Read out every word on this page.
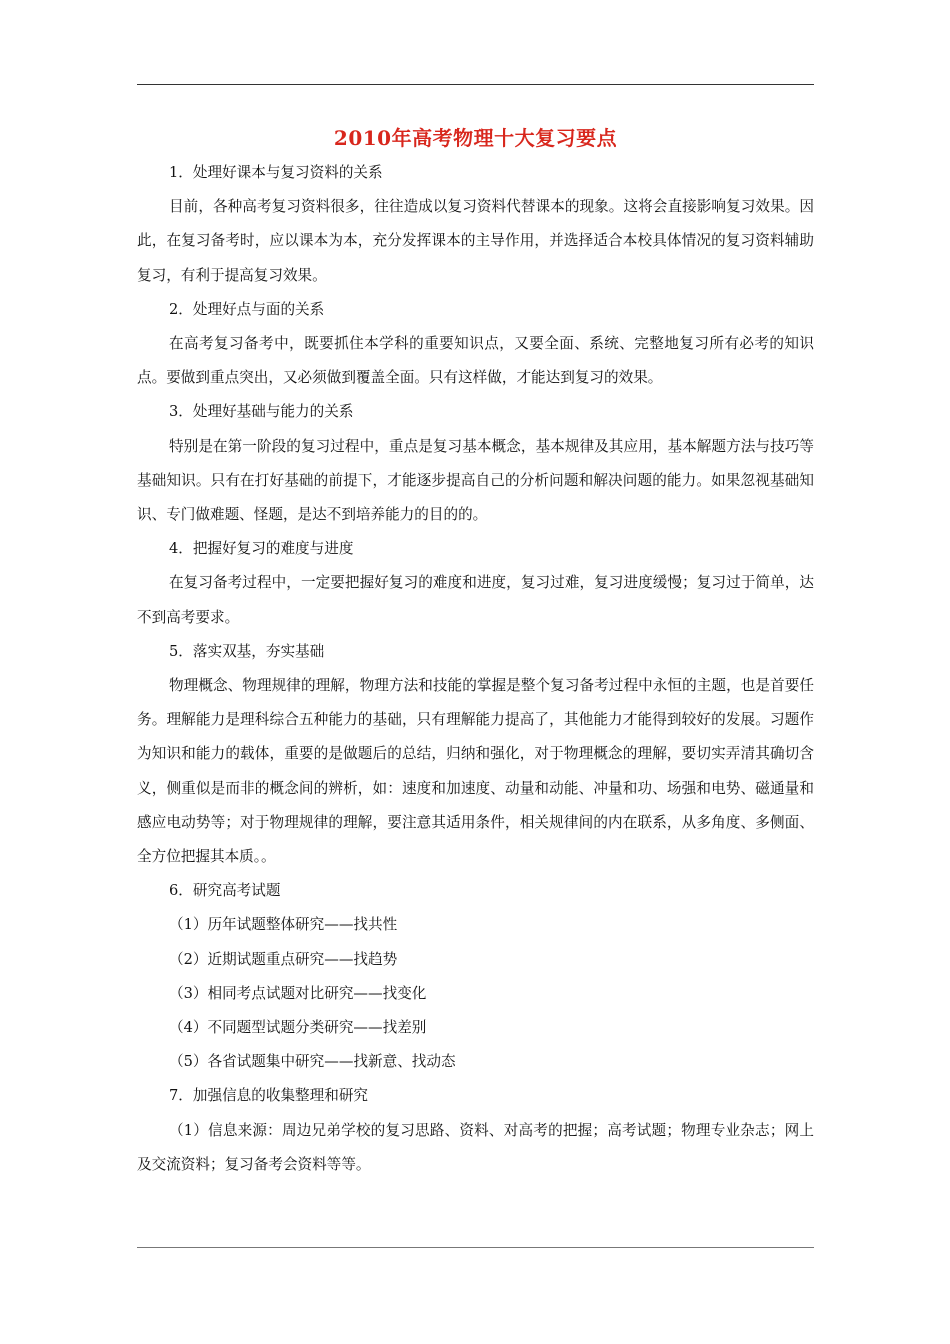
2010年高考物理十大复习要点

1．处理好课本与复习资料的关系

目前，各种高考复习资料很多，往往造成以复习资料代替课本的现象。这将会直接影响复习效果。因此，在复习备考时，应以课本为本，充分发挥课本的主导作用，并选择适合本校具体情况的复习资料辅助复习，有利于提高复习效果。

2．处理好点与面的关系

在高考复习备考中，既要抓住本学科的重要知识点，又要全面、系统、完整地复习所有必考的知识点。要做到重点突出，又必须做到覆盖全面。只有这样做，才能达到复习的效果。

3．处理好基础与能力的关系

特别是在第一阶段的复习过程中，重点是复习基本概念，基本规律及其应用，基本解题方法与技巧等基础知识。只有在打好基础的前提下，才能逐步提高自己的分析问题和解决问题的能力。如果忽视基础知识、专门做难题、怪题，是达不到培养能力的目的的。

4．把握好复习的难度与进度

在复习备考过程中，一定要把握好复习的难度和进度，复习过难，复习进度缓慢；复习过于简单，达不到高考要求。

5．落实双基，夯实基础

物理概念、物理规律的理解，物理方法和技能的掌握是整个复习备考过程中永恒的主题，也是首要任务。理解能力是理科综合五种能力的基础，只有理解能力提高了，其他能力才能得到较好的发展。习题作为知识和能力的载体，重要的是做题后的总结，归纳和强化，对于物理概念的理解，要切实弄清其确切含义，侧重似是而非的概念间的辨析，如：速度和加速度、动量和动能、冲量和功、场强和电势、磁通量和感应电动势等；对于物理规律的理解，要注意其适用条件，相关规律间的内在联系，从多角度、多侧面、全方位把握其本质。。

6．研究高考试题

（1）历年试题整体研究——找共性

（2）近期试题重点研究——找趋势

（3）相同考点试题对比研究——找变化

（4）不同题型试题分类研究——找差别

（5）各省试题集中研究——找新意、找动态

7．加强信息的收集整理和研究

（1）信息来源：周边兄弟学校的复习思路、资料、对高考的把握；高考试题；物理专业杂志；网上及交流资料；复习备考会资料等等。
